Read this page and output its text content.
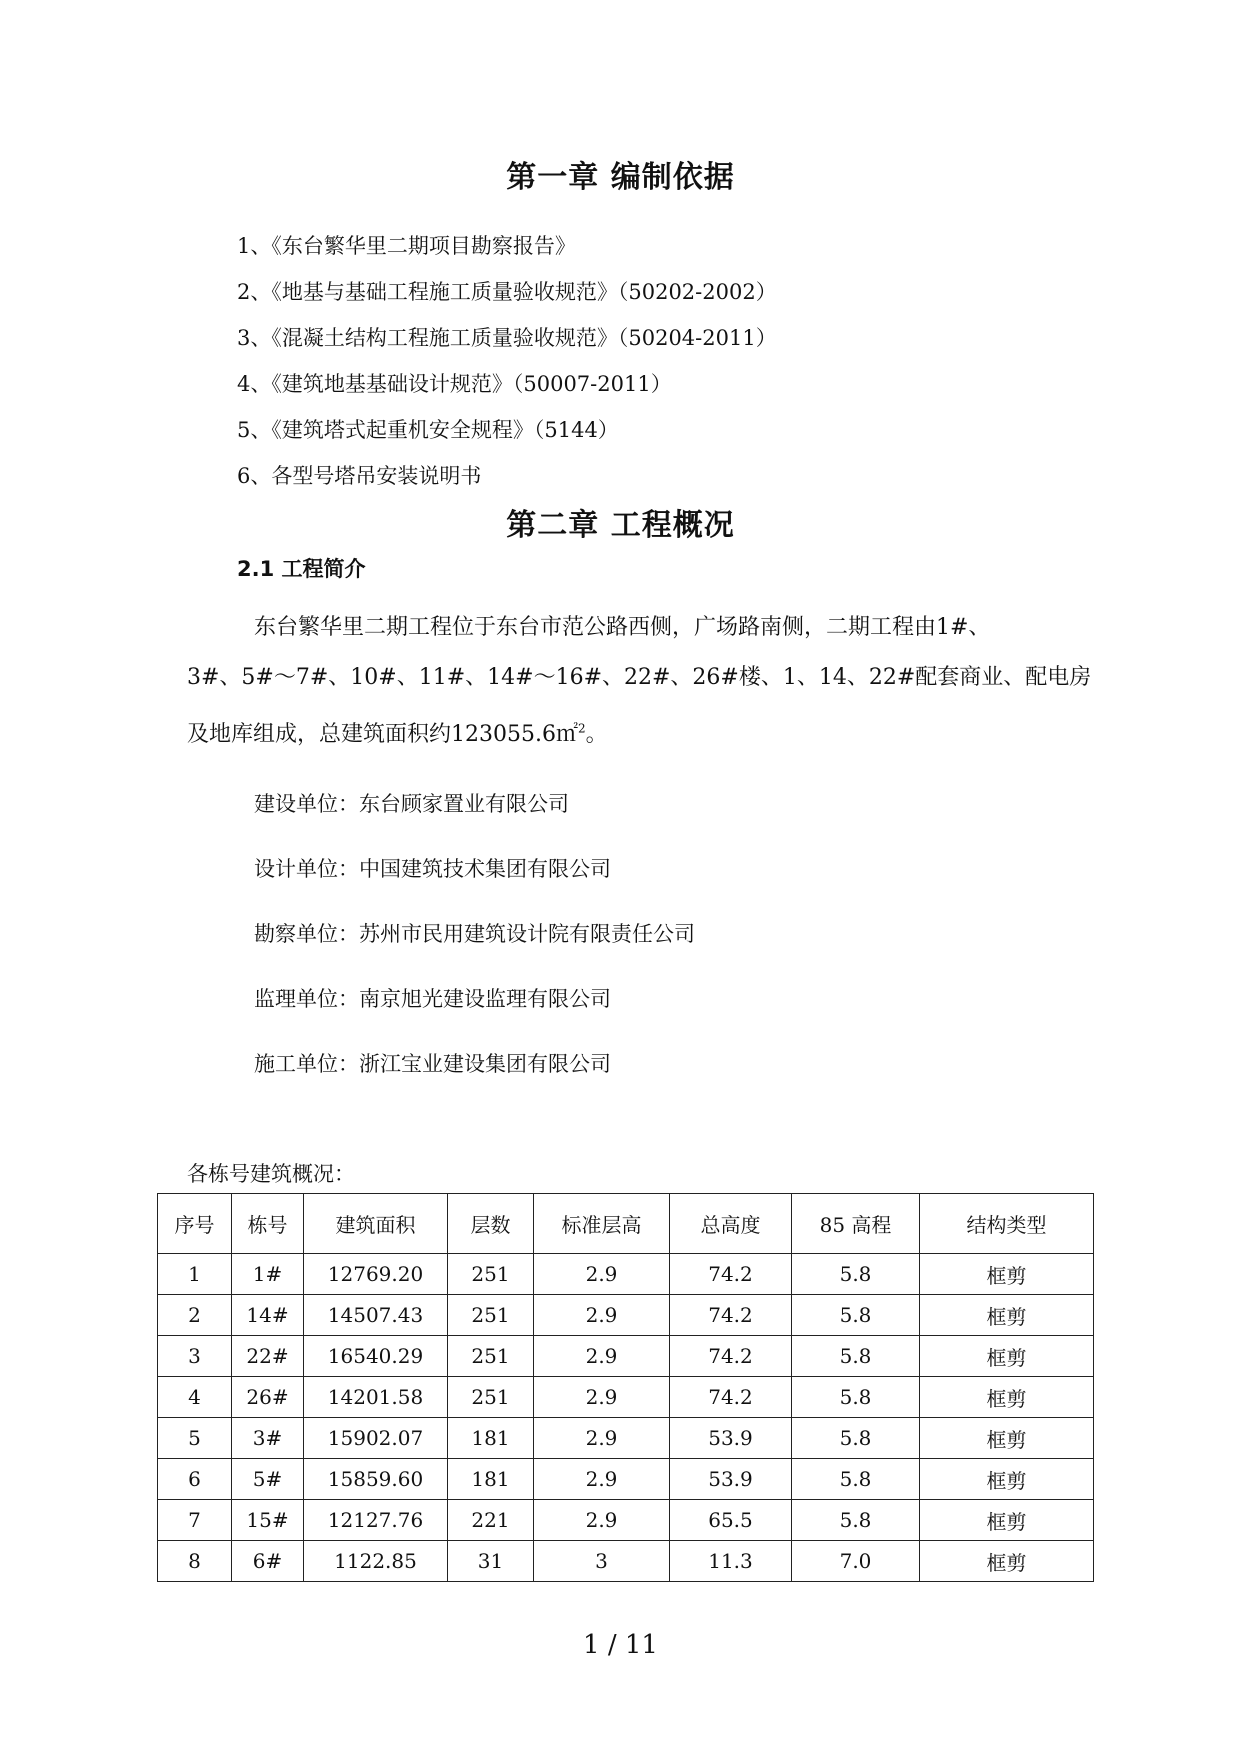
第一章 编制依据
1、《东台繁华里二期项目勘察报告》
2、《地基与基础工程施工质量验收规范》（50202-2002）
3、《混凝土结构工程施工质量验收规范》（50204-2011）
4、《建筑地基基础设计规范》（50007-2011）
5、《建筑塔式起重机安全规程》（5144）
6、各型号塔吊安装说明书
第二章 工程概况
2.1 工程简介
东台繁华里二期工程位于东台市范公路西侧，广场路南侧，二期工程由1#、
3#、5#～7#、10#、11#、14#～16#、22#、26#楼、1、14、22#配套商业、配电房
及地库组成，总建筑面积约123055.6㎡$^2$。
建设单位：东台顾家置业有限公司
设计单位：中国建筑技术集团有限公司
勘察单位：苏州市民用建筑设计院有限责任公司
监理单位：南京旭光建设监理有限公司
施工单位：浙江宝业建设集团有限公司
各栋号建筑概况：
序号	栋号	建筑面积	层数	标准层高	总高度	85 高程	结构类型
1	1#	12769.20	251	2.9	74.2	5.8	框剪
2	14#	14507.43	251	2.9	74.2	5.8	框剪
3	22#	16540.29	251	2.9	74.2	5.8	框剪
4	26#	14201.58	251	2.9	74.2	5.8	框剪
5	3#	15902.07	181	2.9	53.9	5.8	框剪
6	5#	15859.60	181	2.9	53.9	5.8	框剪
7	15#	12127.76	221	2.9	65.5	5.8	框剪
8	6#	1122.85	31	3	11.3	7.0	框剪
1 / 11
